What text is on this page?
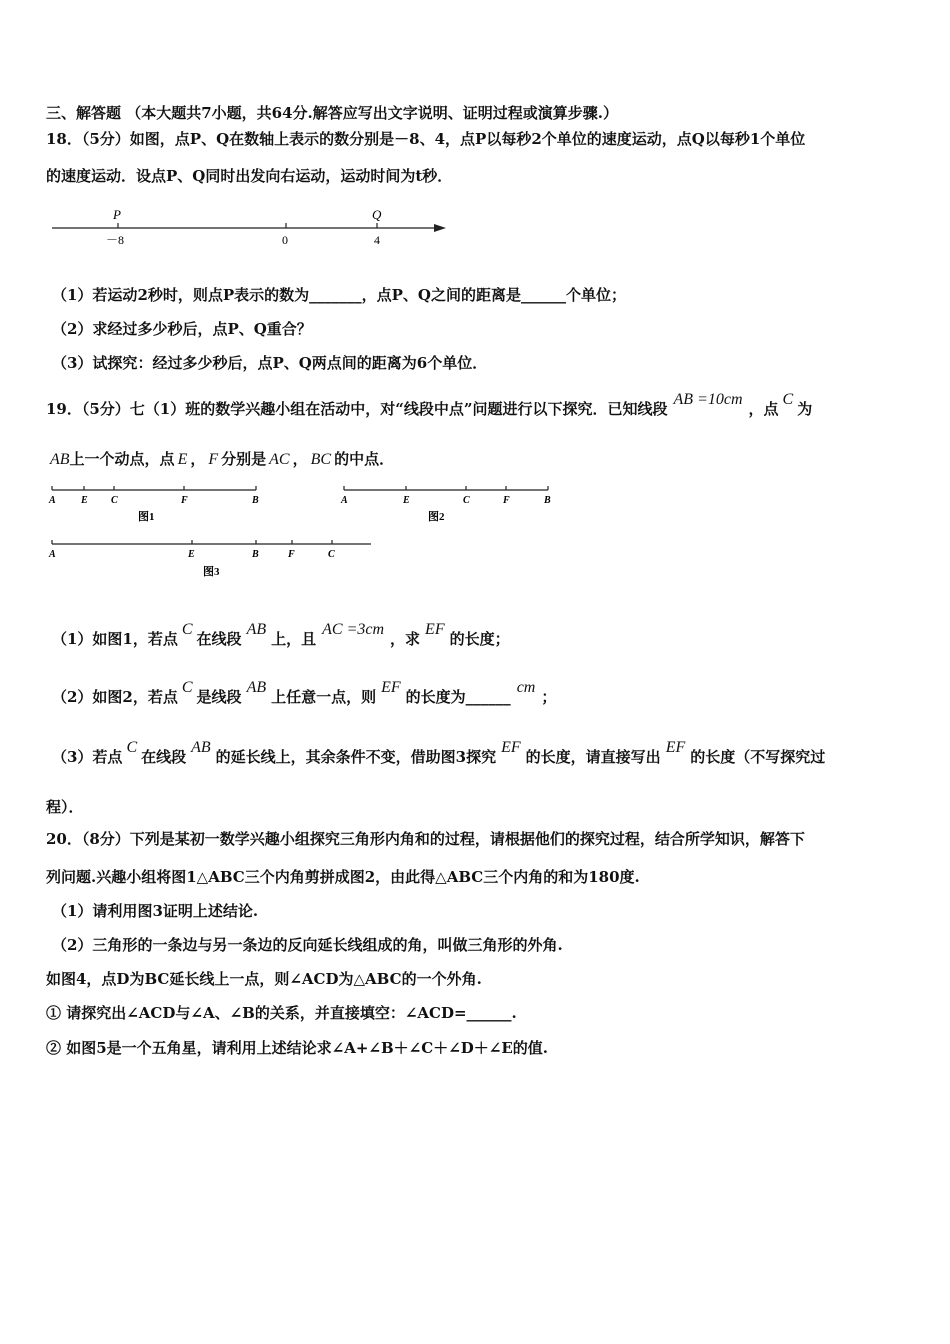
三、解答题 （本大题共7小题，共64分.解答应写出文字说明、证明过程或演算步骤.）
18．（5分）如图，点P、Q在数轴上表示的数分别是－8、4，点P以每秒2个单位的速度运动，点Q以每秒1个单位
的速度运动．设点P、Q同时出发向右运动，运动时间为t秒．
P	Q
－8	0	4
（1）若运动2秒时，则点P表示的数为_______，点P、Q之间的距离是______个单位；
（2）求经过多少秒后，点P、Q重合？
（3）试探究：经过多少秒后，点P、Q两点间的距离为6个单位．
19．（5分）七（1）班的数学兴趣小组在活动中，对“线段中点”问题进行以下探究．已知线段AB =10cm，点C为
AB上一个动点，点 E ， F 分别是 AC ， BC 的中点．
A	E C	F	B
图1
A	E	C	F	B
图2
A	E	B	F	C
图3
（1）如图1，若点C在线段AB上，且AC =3cm，求EF的长度；
（2）如图2，若点C是线段AB上任意一点，则EF的长度为______cm；
（3）若点C在线段AB的延长线上，其余条件不变，借助图3探究EF的长度，请直接写出EF的长度（不写探究过
程）．
20．（8分）下列是某初一数学兴趣小组探究三角形内角和的过程，请根据他们的探究过程，结合所学知识，解答下
列问题.兴趣小组将图1△ABC三个内角剪拼成图2，由此得△ABC三个内角的和为180度.
（1）请利用图3证明上述结论.
（2）三角形的一条边与另一条边的反向延长线组成的角，叫做三角形的外角.
如图4，点D为BC延长线上一点，则∠ACD为△ABC的一个外角.
① 请探究出∠ACD与∠A、∠B的关系，并直接填空：∠ACD=______.
② 如图5是一个五角星，请利用上述结论求∠A+∠B＋∠C＋∠D＋∠E的值.
